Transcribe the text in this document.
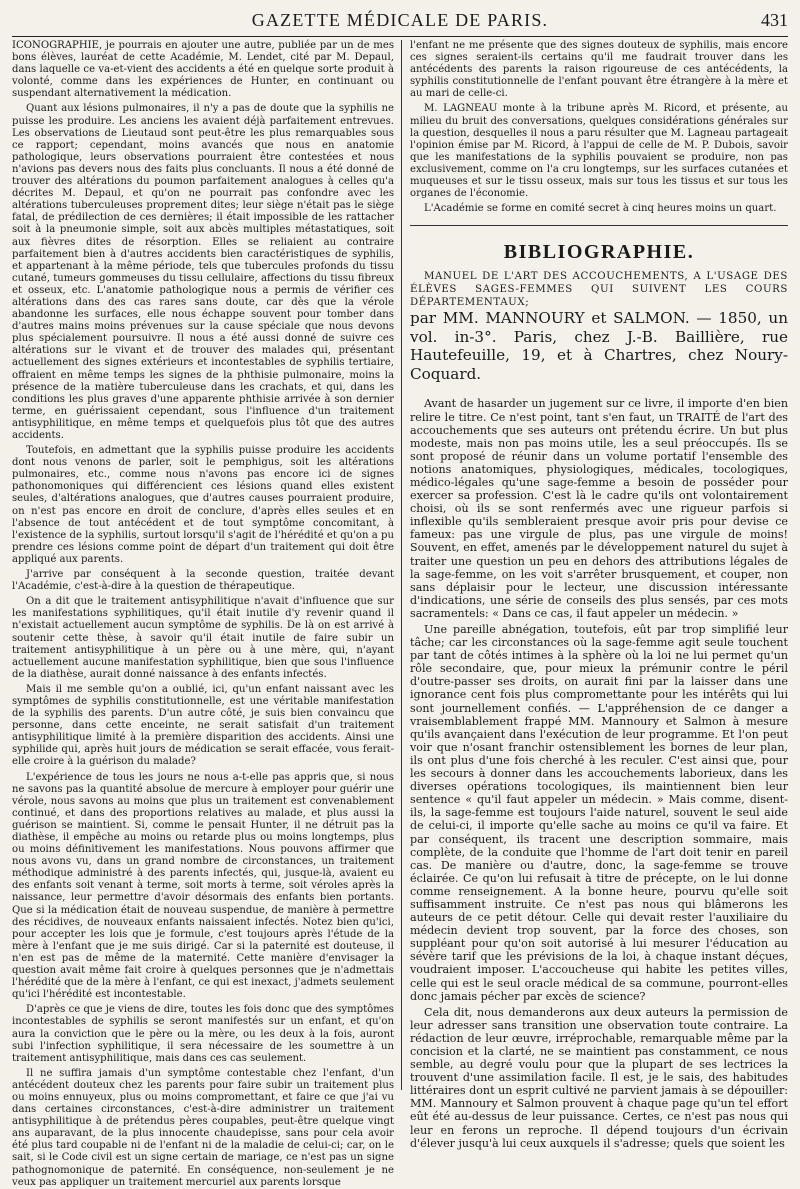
GAZETTE MÉDICALE DE PARIS.	431

ICONOGRAPHIE, je pourrais en ajouter une autre, publiée par un de mes bons élèves, lauréat de cette Académie, M. Lendet, cité par M. Depaul, dans laquelle ce va-et-vient des accidents a été en quelque sorte produit à volonté, comme dans les expériences de Hunter, en continuant ou suspendant alternativement la médication.

Quant aux lésions pulmonaires, il n'y a pas de doute que la syphilis ne puisse les produire. Les anciens les avaient déjà parfaitement entrevues. Les observations de Lieutaud sont peut-être les plus remarquables sous ce rapport; cependant, moins avancés que nous en anatomie pathologique, leurs observations pourraient être contestées et nous n'avions pas devers nous des faits plus concluants. Il nous a été donné de trouver des altérations du poumon parfaitement analogues à celles qu'a décrites M. Depaul, et qu'on ne pourrait pas confondre avec les altérations tuberculeuses proprement dites; leur siège n'était pas le siège fatal, de prédilection de ces dernières; il était impossible de les rattacher soit à la pneumonie simple, soit aux abcès multiples métastatiques, soit aux fièvres dites de résorption. Elles se reliaient au contraire parfaitement bien à d'autres accidents bien caractéristiques de syphilis, et appartenant à la même période, tels que tubercules profonds du tissu cutané, tumeurs gommeuses du tissu cellulaire, affections du tissu fibreux et osseux, etc. L'anatomie pathologique nous a permis de vérifier ces altérations dans des cas rares sans doute, car dès que la vérole abandonne les surfaces, elle nous échappe souvent pour tomber dans d'autres mains moins prévenues sur la cause spéciale que nous devons plus spécialement poursuivre. Il nous a été aussi donné de suivre ces altérations sur le vivant et de trouver des malades qui, présentant actuellement des signes extérieurs et incontestables de syphilis tertiaire, offraient en même temps les signes de la phthisie pulmonaire, moins la présence de la matière tuberculeuse dans les crachats, et qui, dans les conditions les plus graves d'une apparente phthisie arrivée à son dernier terme, en guérissaient cependant, sous l'influence d'un traitement antisyphilitique, en même temps et quelquefois plus tôt que des autres accidents.

Toutefois, en admettant que la syphilis puisse produire les accidents dont nous venons de parler, soit le pemphigus, soit les altérations pulmonaires, etc., comme nous n'avons pas encore ici de signes pathonomoniques qui différencient ces lésions quand elles existent seules, d'altérations analogues, que d'autres causes pourraient produire, on n'est pas encore en droit de conclure, d'après elles seules et en l'absence de tout antécédent et de tout symptôme concomitant, à l'existence de la syphilis, surtout lorsqu'il s'agit de l'hérédité et qu'on a pu prendre ces lésions comme point de départ d'un traitement qui doit être appliqué aux parents.

J'arrive par conséquent à la seconde question, traitée devant l'Académie, c'est-à-dire à la question de thérapeutique.

On a dit que le traitement antisyphilitique n'avait d'influence que sur les manifestations syphilitiques, qu'il était inutile d'y revenir quand il n'existait actuellement aucun symptôme de syphilis. De là on est arrivé à soutenir cette thèse, à savoir qu'il était inutile de faire subir un traitement antisyphilitique à un père ou à une mère, qui, n'ayant actuellement aucune manifestation syphilitique, bien que sous l'influence de la diathèse, aurait donné naissance à des enfants infectés.

Mais il me semble qu'on a oublié, ici, qu'un enfant naissant avec les symptômes de syphilis constitutionnelle, est une véritable manifestation de la syphilis des parents. D'un autre côté, je suis bien convaincu que personne, dans cette enceinte, ne serait satisfait d'un traitement antisyphilitique limité à la première disparition des accidents. Ainsi une syphilide qui, après huit jours de médication se serait effacée, vous ferait-elle croire à la guérison du malade?

L'expérience de tous les jours ne nous a-t-elle pas appris que, si nous ne savons pas la quantité absolue de mercure à employer pour guérir une vérole, nous savons au moins que plus un traitement est convenablement continué, et dans des proportions relatives au malade, et plus aussi la guérison se maintient. Si, comme le pensait Hunter, il ne détruit pas la diathèse, il empêche au moins ou retarde plus ou moins longtemps, plus ou moins définitivement les manifestations. Nous pouvons affirmer que nous avons vu, dans un grand nombre de circonstances, un traitement méthodique administré à des parents infectés, qui, jusque-là, avaient eu des enfants soit venant à terme, soit morts à terme, soit véroles après la naissance, leur permettre d'avoir désormais des enfants bien portants. Que si la médication était de nouveau suspendue, de manière à permettre des récidives, de nouveaux enfants naissaient infectés. Notez bien qu'ici, pour accepter les lois que je formule, c'est toujours après l'étude de la mère à l'enfant que je me suis dirigé. Car si la paternité est douteuse, il n'en est pas de même de la maternité. Cette manière d'envisager la question avait même fait croire à quelques personnes que je n'admettais l'hérédité que de la mère à l'enfant, ce qui est inexact, j'admets seulement qu'ici l'hérédité est incontestable.

D'après ce que je viens de dire, toutes les fois donc que des symptômes incontestables de syphilis se seront manifestés sur un enfant, et qu'on aura la conviction que le père ou la mère, ou les deux à la fois, auront subi l'infection syphilitique, il sera nécessaire de les soumettre à un traitement antisyphilitique, mais dans ces cas seulement.

Il ne suffira jamais d'un symptôme contestable chez l'enfant, d'un antécédent douteux chez les parents pour faire subir un traitement plus ou moins ennuyeux, plus ou moins compromettant, et faire ce que j'ai vu dans certaines circonstances, c'est-à-dire administrer un traitement antisyphilitique à de prétendus pères coupables, peut-être quelque vingt ans auparavant, de la plus innocente chaudepisse, sans pour cela avoir été plus tard coupable ni de l'enfant ni de la maladie de celui-ci; car, on le sait, si le Code civil est un signe certain de mariage, ce n'est pas un signe pathognomonique de paternité. En conséquence, non-seulement je ne veux pas appliquer un traitement mercuriel aux parents lorsque

l'enfant ne me présente que des signes douteux de syphilis, mais encore ces signes seraient-ils certains qu'il me faudrait trouver dans les antécédents des parents la raison rigoureuse de ces antécédents, la syphilis constitutionnelle de l'enfant pouvant être étrangère à la mère et au mari de celle-ci.

M. LAGNEAU monte à la tribune après M. Ricord, et présente, au milieu du bruit des conversations, quelques considérations générales sur la question, desquelles il nous a paru résulter que M. Lagneau partageait l'opinion émise par M. Ricord, à l'appui de celle de M. P. Dubois, savoir que les manifestations de la syphilis pouvaient se produire, non pas exclusivement, comme on l'a cru longtemps, sur les surfaces cutanées et muqueuses et sur le tissu osseux, mais sur tous les tissus et sur tous les organes de l'économie.

L'Académie se forme en comité secret à cinq heures moins un quart.

BIBLIOGRAPHIE.

MANUEL DE L'ART DES ACCOUCHEMENTS, A L'USAGE DES ÉLÈVES SAGES-FEMMES QUI SUIVENT LES COURS DÉPARTEMENTAUX;

par MM. MANNOURY et SALMON. — 1850, un vol. in-3°. Paris, chez J.-B. Baillière, rue Hautefeuille, 19, et à Chartres, chez Noury-Coquard.

Avant de hasarder un jugement sur ce livre, il importe d'en bien relire le titre. Ce n'est point, tant s'en faut, un TRAITÉ de l'art des accouchements que ses auteurs ont prétendu écrire. Un but plus modeste, mais non pas moins utile, les a seul préoccupés. Ils se sont proposé de réunir dans un volume portatif l'ensemble des notions anatomiques, physiologiques, médicales, tocologiques, médico-légales qu'une sage-femme a besoin de posséder pour exercer sa profession. C'est là le cadre qu'ils ont volontairement choisi, où ils se sont renfermés avec une rigueur parfois si inflexible qu'ils sembleraient presque avoir pris pour devise ce fameux: pas une virgule de plus, pas une virgule de moins! Souvent, en effet, amenés par le développement naturel du sujet à traiter une question un peu en dehors des attributions légales de la sage-femme, on les voit s'arrêter brusquement, et couper, non sans déplaisir pour le lecteur, une discussion intéressante d'indications, une série de conseils des plus sensés, par ces mots sacramentels: « Dans ce cas, il faut appeler un médecin. »

Une pareille abnégation, toutefois, eût par trop simplifié leur tâche; car les circonstances où la sage-femme agit seule touchent par tant de côtés intimes à la sphère où la loi ne lui permet qu'un rôle secondaire, que, pour mieux la prémunir contre le péril d'outre-passer ses droits, on aurait fini par la laisser dans une ignorance cent fois plus compromettante pour les intérêts qui lui sont journellement confiés. — L'appréhension de ce danger a vraisemblablement frappé MM. Mannoury et Salmon à mesure qu'ils avançaient dans l'exécution de leur programme. Et l'on peut voir que n'osant franchir ostensiblement les bornes de leur plan, ils ont plus d'une fois cherché à les reculer. C'est ainsi que, pour les secours à donner dans les accouchements laborieux, dans les diverses opérations tocologiques, ils maintiennent bien leur sentence « qu'il faut appeler un médecin. » Mais comme, disent-ils, la sage-femme est toujours l'aide naturel, souvent le seul aide de celui-ci, il importe qu'elle sache au moins ce qu'il va faire. Et par conséquent, ils tracent une description sommaire, mais complète, de la conduite que l'homme de l'art doit tenir en pareil cas. De manière ou d'autre, donc, la sage-femme se trouve éclairée. Ce qu'on lui refusait à titre de précepte, on le lui donne comme renseignement. A la bonne heure, pourvu qu'elle soit suffisamment instruite. Ce n'est pas nous qui blâmerons les auteurs de ce petit détour. Celle qui devait rester l'auxiliaire du médecin devient trop souvent, par la force des choses, son suppléant pour qu'on soit autorisé à lui mesurer l'éducation au sévère tarif que les prévisions de la loi, à chaque instant déçues, voudraient imposer. L'accoucheuse qui habite les petites villes, celle qui est le seul oracle médical de sa commune, pourront-elles donc jamais pécher par excès de science?

Cela dit, nous demanderons aux deux auteurs la permission de leur adresser sans transition une observation toute contraire. La rédaction de leur œuvre, irréprochable, remarquable même par la concision et la clarté, ne se maintient pas constamment, ce nous semble, au degré voulu pour que la plupart de ses lectrices la trouvent d'une assimilation facile. Il est, je le sais, des habitudes littéraires dont un esprit cultivé ne parvient jamais à se dépouiller: MM. Mannoury et Salmon prouvent à chaque page qu'un tel effort eût été au-dessus de leur puissance. Certes, ce n'est pas nous qui leur en ferons un reproche. Il dépend toujours d'un écrivain d'élever jusqu'à lui ceux auxquels il s'adresse; quels que soient les
